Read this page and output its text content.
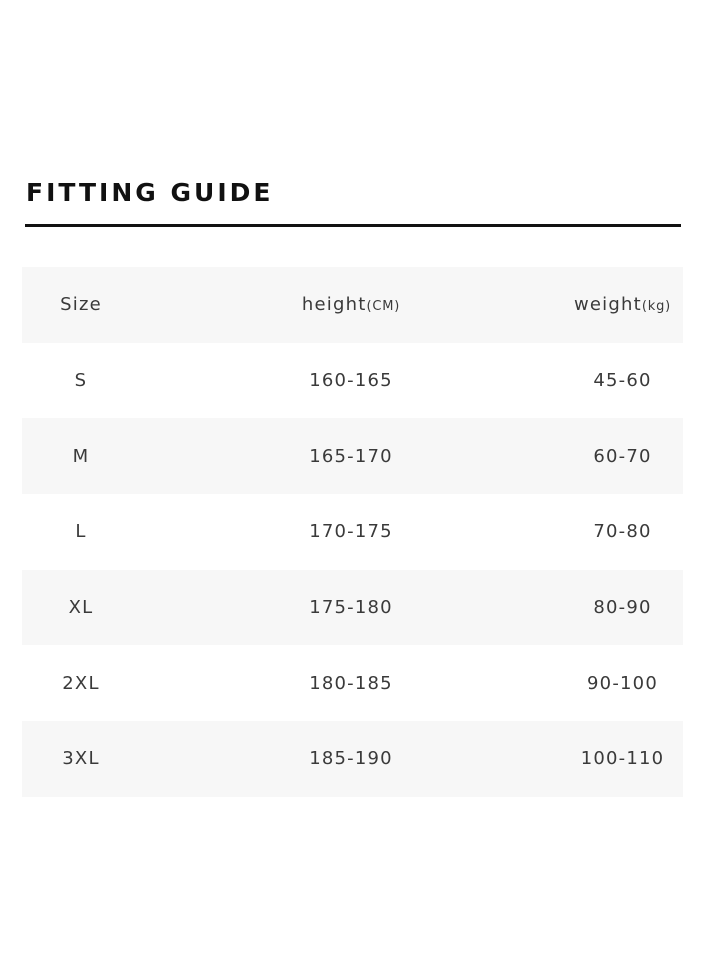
FITTING GUIDE
Size	height(CM)	weight(kg)
S	160-165	45-60
M	165-170	60-70
L	170-175	70-80
XL	175-180	80-90
2XL	180-185	90-100
3XL	185-190	100-110
